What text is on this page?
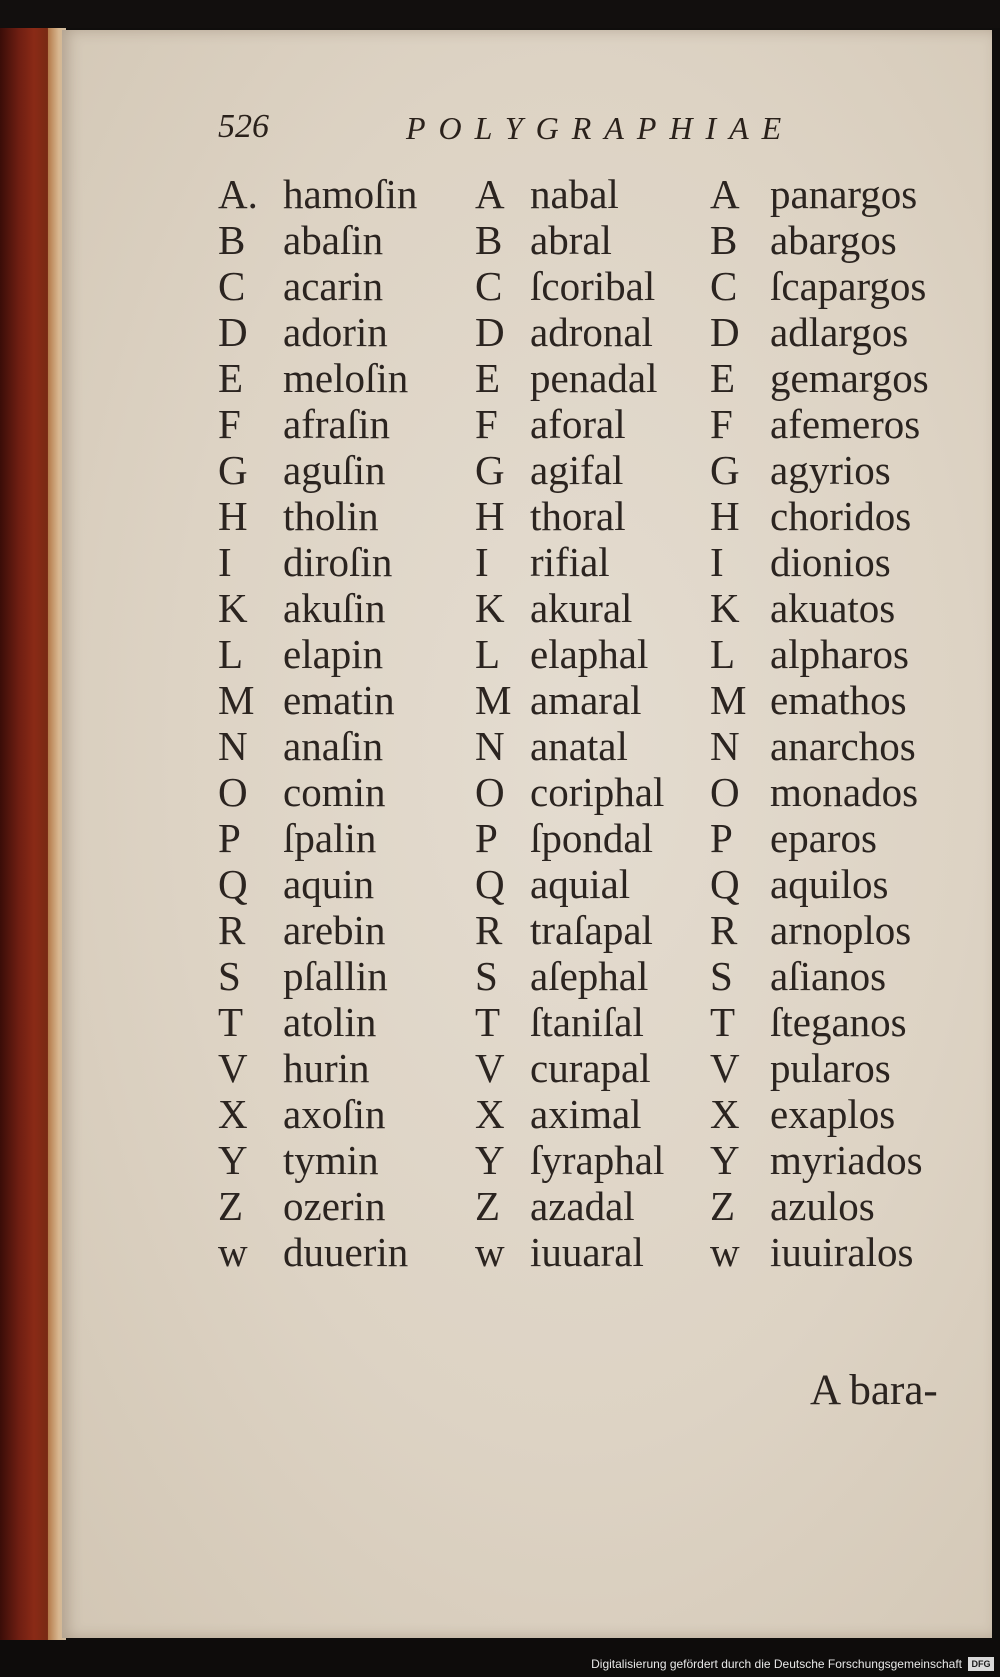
526	POLYGRAPHIAE
A. hamoſin A nabal A panargos
B abaſin B abral B abargos
C acarin C ſcoribal C ſcapargos
D adorin D adronal D adlargos
E meloſin E penadal E gemargos
F afraſin F aforal F afemeros
G aguſin G agifal G agyrios
H tholin H thoral H choridos
I diroſin I rifial I dionios
K akuſin K akural K akuatos
L elapin L elaphal L alpharos
M ematin M amaral M emathos
N anaſin N anatal N anarchos
O comin O coriphal O monados
P ſpalin P ſpondal P eparos
Q aquin Q aquial Q aquilos
R arebin R traſapal R arnoplos
S pſallin S aſephal S aſianos
T atolin T ſtaniſal T ſteganos
V hurin	V curapal V pularos
X axoſin X aximal X exaplos
Y tymin Y ſyraphal Y myriados
Z ozerin Z azadal Z azulos
w duuerin w iuuaral w iuuiralos
A bara-
Digitalisierung gefördert durch die Deutsche Forschungsgemeinschaft	DFG
